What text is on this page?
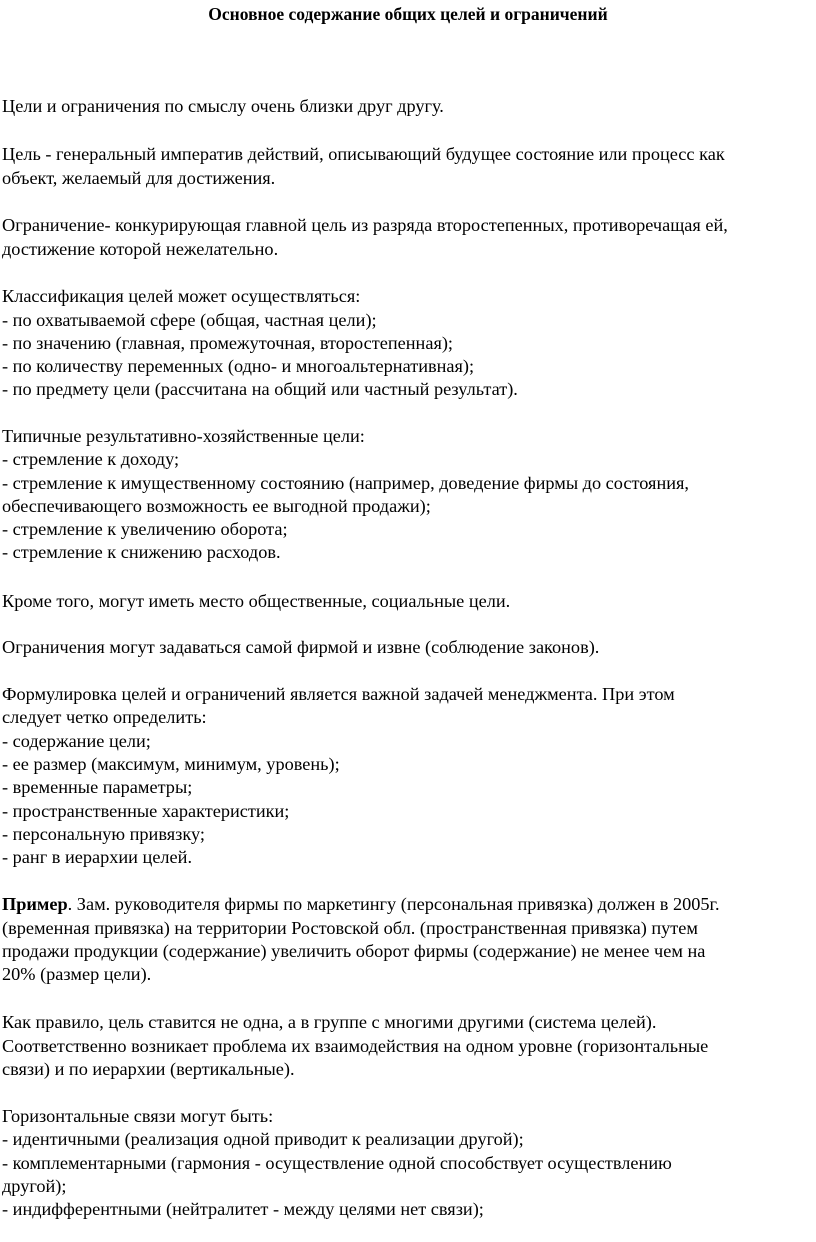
Основное содержание общих целей и ограничений
Цели и ограничения по смыслу очень близки друг другу.
Цель - генеральный императив действий, описывающий будущее состояние или процесс как
объект, желаемый для достижения.
Ограничение- конкурирующая главной цель из разряда второстепенных, противоречащая ей,
достижение которой нежелательно.
Классификация целей может осуществляться:
- по охватываемой сфере (общая, частная цели);
- по значению (главная, промежуточная, второстепенная);
- по количеству переменных (одно- и многоальтернативная);
- по предмету цели (рассчитана на общий или частный результат).
Типичные результативно-хозяйственные цели:
- стремление к доходу;
- стремление к имущественному состоянию (например, доведение фирмы до состояния,
обеспечивающего возможность ее выгодной продажи);
- стремление к увеличению оборота;
- стремление к снижению расходов.
Кроме того, могут иметь место общественные, социальные цели.
Ограничения могут задаваться самой фирмой и извне (соблюдение законов).
Формулировка целей и ограничений является важной задачей менеджмента. При этом
следует четко определить:
- содержание цели;
- ее размер (максимум, минимум, уровень);
- временные параметры;
- пространственные характеристики;
- персональную привязку;
- ранг в иерархии целей.
Пример. Зам. руководителя фирмы по маркетингу (персональная привязка) должен в 2005г.
(временная привязка) на территории Ростовской обл. (пространственная привязка) путем
продажи продукции (содержание) увеличить оборот фирмы (содержание) не менее чем на
20% (размер цели).
Как правило, цель ставится не одна, а в группе с многими другими (система целей).
Соответственно возникает проблема их взаимодействия на одном уровне (горизонтальные
связи) и по иерархии (вертикальные).
Горизонтальные связи могут быть:
- идентичными (реализация одной приводит к реализации другой);
- комплементарными (гармония - осуществление одной способствует осуществлению
другой);
- индифферентными (нейтралитет - между целями нет связи);
